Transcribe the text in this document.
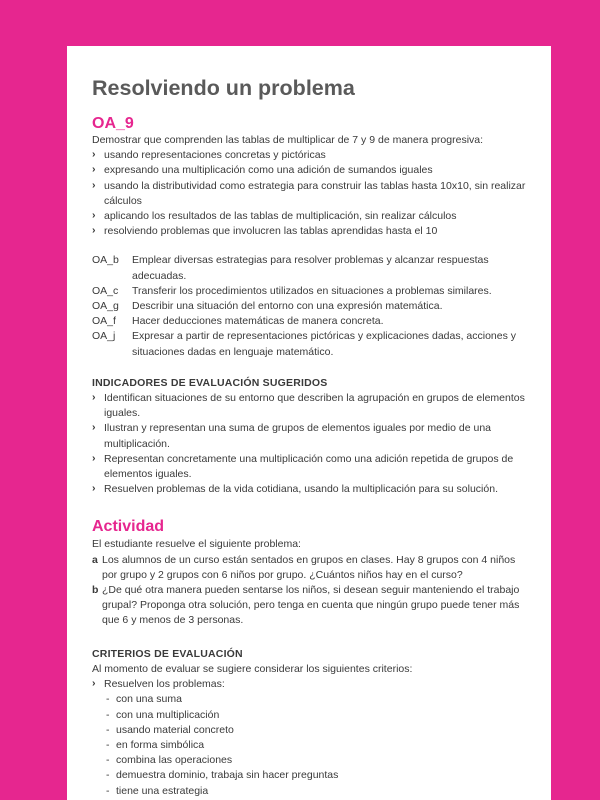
Resolviendo un problema
OA_9

Demostrar que comprenden las tablas de multiplicar de 7 y 9 de manera progresiva:

› usando representaciones concretas y pictóricas
› expresando una multiplicación como una adición de sumandos iguales
› usando la distributividad como estrategia para construir las tablas hasta 10x10, sin realizar cálculos
› aplicando los resultados de las tablas de multiplicación, sin realizar cálculos
› resolviendo problemas que involucren las tablas aprendidas hasta el 10
OA_b	Emplear diversas estrategias para resolver problemas y alcanzar respuestas adecuadas.
OA_c	Transferir los procedimientos utilizados en situaciones a problemas similares.
OA_g	Describir una situación del entorno con una expresión matemática.
OA_f	Hacer deducciones matemáticas de manera concreta.
OA_j	Expresar a partir de representaciones pictóricas y explicaciones dadas, acciones y situaciones dadas en lenguaje matemático.
INDICADORES DE EVALUACIÓN SUGERIDOS
› Identifican situaciones de su entorno que describen la agrupación en grupos de elementos iguales.
› Ilustran y representan una suma de grupos de elementos iguales por medio de una multiplicación.
› Representan concretamente una multiplicación como una adición repetida de grupos de elementos iguales.
› Resuelven problemas de la vida cotidiana, usando la multiplicación para su solución.
Actividad

El estudiante resuelve el siguiente problema:

a Los alumnos de un curso están sentados en grupos en clases. Hay 8 grupos con 4 niños por grupo y 2 grupos con 6 niños por grupo. ¿Cuántos niños hay en el curso?
b ¿De qué otra manera pueden sentarse los niños, si desean seguir manteniendo el trabajo grupal? Proponga otra solución, pero tenga en cuenta que ningún grupo puede tener más que 6 y menos de 3 personas.
CRITERIOS DE EVALUACIÓN

Al momento de evaluar se sugiere considerar los siguientes criterios:

› Resuelven los problemas:
- con una suma
- con una multiplicación
- usando material concreto
- en forma simbólica
- combina las operaciones
- demuestra dominio, trabaja sin hacer preguntas
- tiene una estrategia
